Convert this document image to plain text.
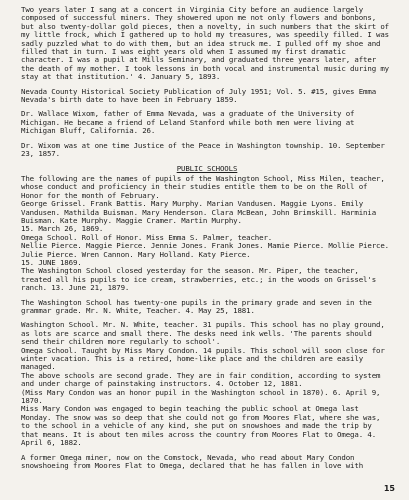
Two years later I sang at a concert in Virginia City before an audience largely composed of successful miners. They showered upon me not only flowers and bonbons, but also twenty-dollar gold pieces, then a novelty, in such numbers that the skirt of my little frock, which I gathered up to hold my treasures, was speedily filled. I was sadly puzzled what to do with them, but an idea struck me. I pulled off my shoe and filled that in turn. I was eight years old when I assumed my first dramatic character. I was a pupil at Mills Seminary, and graduated three years later, after the death of my mother. I took lessons in both vocal and instrumental music during my stay at that institution.' 4. January 5, 1893.

Nevada County Historical Society Publication of July 1951; Vol. 5. #15, gives Emma Nevada's birth date to have been in February 1859.

Dr. Wallace Wixom, father of Emma Nevada, was a graduate of the University of Michigan. He became a friend of Leland Stanford while both men were living at Michigan Bluff, California. 26.

Dr. Wixom was at one time Justice of the Peace in Washington township. 10. September 23, 1857.

PUBLIC SCHOOLS

The following are the names of pupils of the Washington School, Miss Milen, teacher, whose conduct and proficiency in their studies entitle them to be on the Roll of Honor for the month of February.

George Grissel. Frank Battis. Mary Murphy. Marian Vandusen. Maggie Lyons. Emily Vandusen. Mathilda Buisman. Mary Henderson. Clara McBean, John Brimskill. Harminia Buisman. Kate Murphy. Maggie Cramer. Martin Murphy.

15. March 26, 1869.

Omega School. Roll of Honor. Miss Emma S. Palmer, teacher.

Nellie Pierce. Maggie Pierce. Jennie Jones. Frank Jones. Mamie Pierce. Mollie Pierce. Julie Pierce. Wren Cannon. Mary Holland. Katy Pierce.

15. JUNE 1869.

The Washington School closed yesterday for the season. Mr. Piper, the teacher, treated all his pupils to ice cream, strawberries, etc.; in the woods on Grissel's ranch. 13. June 21, 1879.

The Washington School has twenty-one pupils in the primary grade and seven in the grammar grade. Mr. N. White, Teacher. 4. May 25, 1881.

Washington School. Mr. N. White, teacher. 31 pupils. This school has no play ground, as lots are scarce and small there. The desks need ink wells. 'The parents should send their children more regularly to school'.

Omega School. Taught by Miss Mary Condon. 14 pupils. This school will soon close for winter vacation. This is a retired, home-like place and the children are easily managed.

The above schools are second grade. They are in fair condition, according to system and under charge of painstaking instructors. 4. October 12, 1881.

(Miss Mary Condon was an honor pupil in the Washington school in 1870). 6. April 9, 1870.

Miss Mary Condon was engaged to begin teaching the public school at Omega last Monday. The snow was so deep that she could not go from Moores Flat, where she was, to the school in a vehicle of any kind, she put on snowshoes and made the trip by that means. It is about ten miles across the country from Moores Flat to Omega. 4. April 6, 1882.

A former Omega miner, now on the Comstock, Nevada, who read about Mary Condon snowshoeing from Moores Flat to Omega, declared that he has fallen in love with

15
